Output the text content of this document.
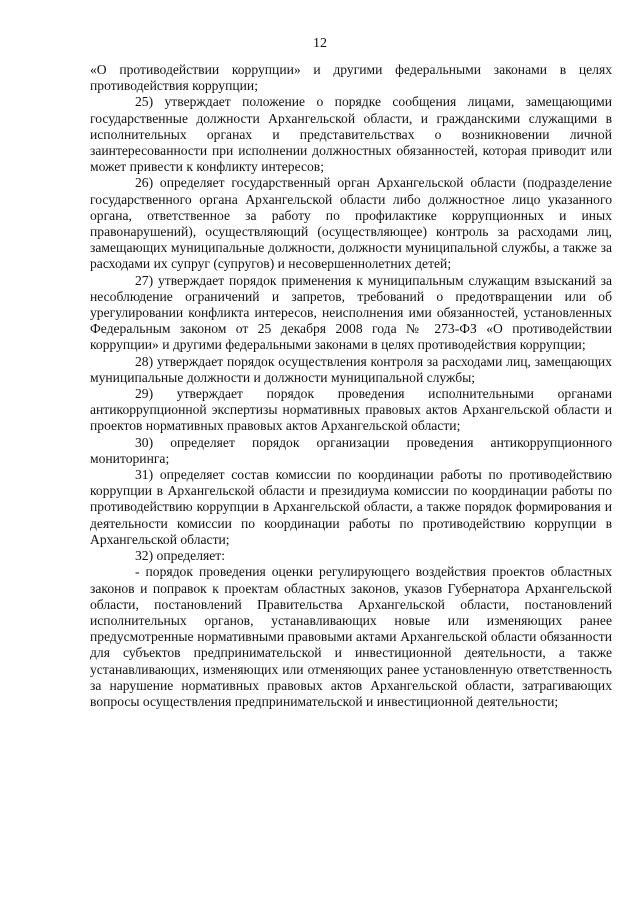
12

«О противодействии коррупции» и другими федеральными законами в целях противодействия коррупции;

25) утверждает положение о порядке сообщения лицами, замещающими государственные должности Архангельской области, и гражданскими служащими в исполнительных органах и представительствах о возникновении личной заинтересованности при исполнении должностных обязанностей, которая приводит или может привести к конфликту интересов;

26) определяет государственный орган Архангельской области (подразделение государственного органа Архангельской области либо должностное лицо указанного органа, ответственное за работу по профилактике коррупционных и иных правонарушений), осуществляющий (осуществляющее) контроль за расходами лиц, замещающих муниципальные должности, должности муниципальной службы, а также за расходами их супруг (супругов) и несовершеннолетних детей;

27) утверждает порядок применения к муниципальным служащим взысканий за несоблюдение ограничений и запретов, требований о предотвращении или об урегулировании конфликта интересов, неисполнения ими обязанностей, установленных Федеральным законом от 25 декабря 2008 года № 273-ФЗ «О противодействии коррупции» и другими федеральными законами в целях противодействия коррупции;

28) утверждает порядок осуществления контроля за расходами лиц, замещающих муниципальные должности и должности муниципальной службы;

29) утверждает порядок проведения исполнительными органами антикоррупционной экспертизы нормативных правовых актов Архангельской области и проектов нормативных правовых актов Архангельской области;

30) определяет порядок организации проведения антикоррупционного мониторинга;

31) определяет состав комиссии по координации работы по противодействию коррупции в Архангельской области и президиума комиссии по координации работы по противодействию коррупции в Архангельской области, а также порядок формирования и деятельности комиссии по координации работы по противодействию коррупции в Архангельской области;

32) определяет:

- порядок проведения оценки регулирующего воздействия проектов областных законов и поправок к проектам областных законов, указов Губернатора Архангельской области, постановлений Правительства Архангельской области, постановлений исполнительных органов, устанавливающих новые или изменяющих ранее предусмотренные нормативными правовыми актами Архангельской области обязанности для субъектов предпринимательской и инвестиционной деятельности, а также устанавливающих, изменяющих или отменяющих ранее установленную ответственность за нарушение нормативных правовых актов Архангельской области, затрагивающих вопросы осуществления предпринимательской и инвестиционной деятельности;
